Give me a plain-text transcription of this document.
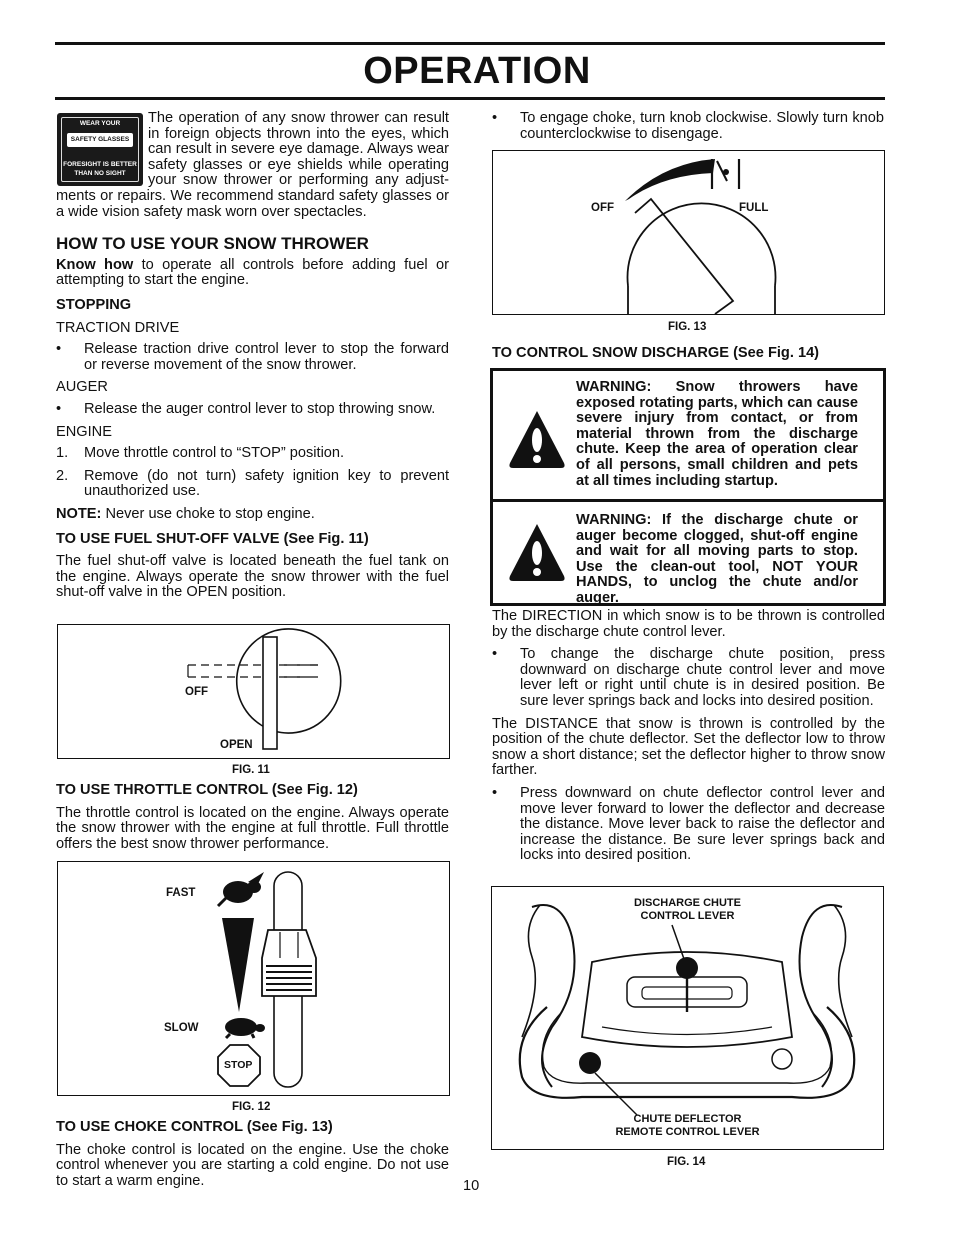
OPERATION
WEAR YOUR
SAFETY GLASSES
FORESIGHT IS BETTER
THAN NO SIGHT

The operation of any snow thrower can result

in foreign objects thrown into the eyes, which

can result in severe eye damage. Always wear

safety glasses or eye shields while operating

your snow thrower or performing any adjust-

ments or repairs. We recommend standard safety glasses or a wide vision safety mask worn over spectacles.

HOW TO USE YOUR SNOW THROWER

Know how to operate all controls before adding fuel or attempting to start the engine.

STOPPING

TRACTION DRIVE

• Release traction drive control lever to stop the forward or reverse movement of the snow thrower.

AUGER

• Release the auger control lever to stop throwing snow.

ENGINE

1. Move throttle control to “STOP” position.
2. Remove (do not turn) safety ignition key to prevent unauthorized use.

NOTE: Never use choke to stop engine.

TO USE FUEL SHUT-OFF VALVE (See Fig. 11)

The fuel shut-off valve is located beneath the fuel tank on the engine. Always operate the snow thrower with the fuel shut-off valve in the OPEN position.

OFF
OPEN
FIG. 11

TO USE THROTTLE CONTROL (See Fig. 12)

The throttle control is located on the engine. Always operate the snow thrower with the engine at full throttle. Full throttle offers the best snow thrower performance.

FAST
SLOW
STOP
FIG. 12

TO USE CHOKE CONTROL (See Fig. 13)

The choke control is located on the engine. Use the choke control whenever you are starting a cold engine. Do not use to start a warm engine.

• To engage choke, turn knob clockwise. Slowly turn knob counterclockwise to disengage.
OFF	FULL
FIG. 13

TO CONTROL SNOW DISCHARGE (See Fig. 14)

WARNING: Snow throwers have exposed rotating parts, which can cause severe injury from contact, or from material thrown from the discharge chute. Keep the area of operation clear of all persons, small children and pets at all times including startup.
WARNING: If the discharge chute or auger become clogged, shut-off engine and wait for all moving parts to stop. Use the clean-out tool, NOT YOUR HANDS, to unclog the chute and/or auger.

The DIRECTION in which snow is to be thrown is controlled by the discharge chute control lever.

• To change the discharge chute position, press downward on discharge chute control lever and move lever left or right until chute is in desired position. Be sure lever springs back and locks into desired position.

The DISTANCE that snow is thrown is controlled by the position of the chute deflector. Set the deflector low to throw snow a short distance; set the deflector higher to throw snow farther.

• Press downward on chute deflector control lever and move lever forward to lower the deflector and decrease the distance. Move lever back to raise the deflector and increase the distance. Be sure lever springs back and locks into desired position.
DISCHARGE CHUTE
CONTROL LEVER
CHUTE DEFLECTOR
REMOTE CONTROL LEVER
FIG. 14
10
